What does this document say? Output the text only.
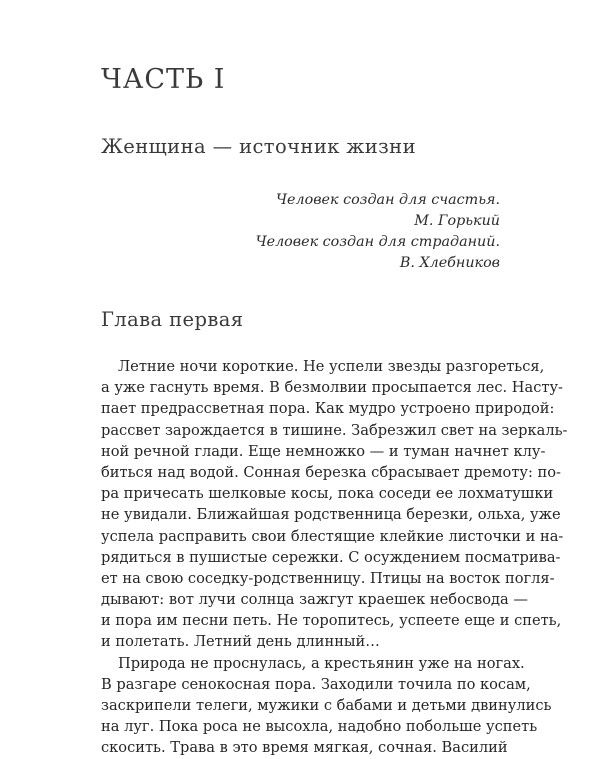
ЧАСТЬ I
Женщина — источник жизни
Человек создан для счастья.
М. Горький
Человек создан для страданий.
В. Хлебников
Глава первая
Летние ночи короткие. Не успели звезды разгореться,
а уже гаснуть время. В безмолвии просыпается лес. Насту-
пает предрассветная пора. Как мудро устроено природой:
рассвет зарождается в тишине. Забрезжил свет на зеркаль-
ной речной глади. Еще немножко — и туман начнет клу-
биться над водой. Сонная березка сбрасывает дремоту: по-
ра причесать шелковые косы, пока соседи ее лохматушки
не увидали. Ближайшая родственница березки, ольха, уже
успела расправить свои блестящие клейкие листочки и на-
рядиться в пушистые сережки. С осуждением посматрива-
ет на свою соседку-родственницу. Птицы на восток погля-
дывают: вот лучи солнца зажгут краешек небосвода —
и пора им песни петь. Не торопитесь, успеете еще и спеть,
и полетать. Летний день длинный…
Природа не проснулась, а крестьянин уже на ногах.
В разгаре сенокосная пора. Заходили точила по косам,
заскрипели телеги, мужики с бабами и детьми двинулись
на луг. Пока роса не высохла, надобно побольше успеть
скосить. Трава в это время мягкая, сочная. Василий
